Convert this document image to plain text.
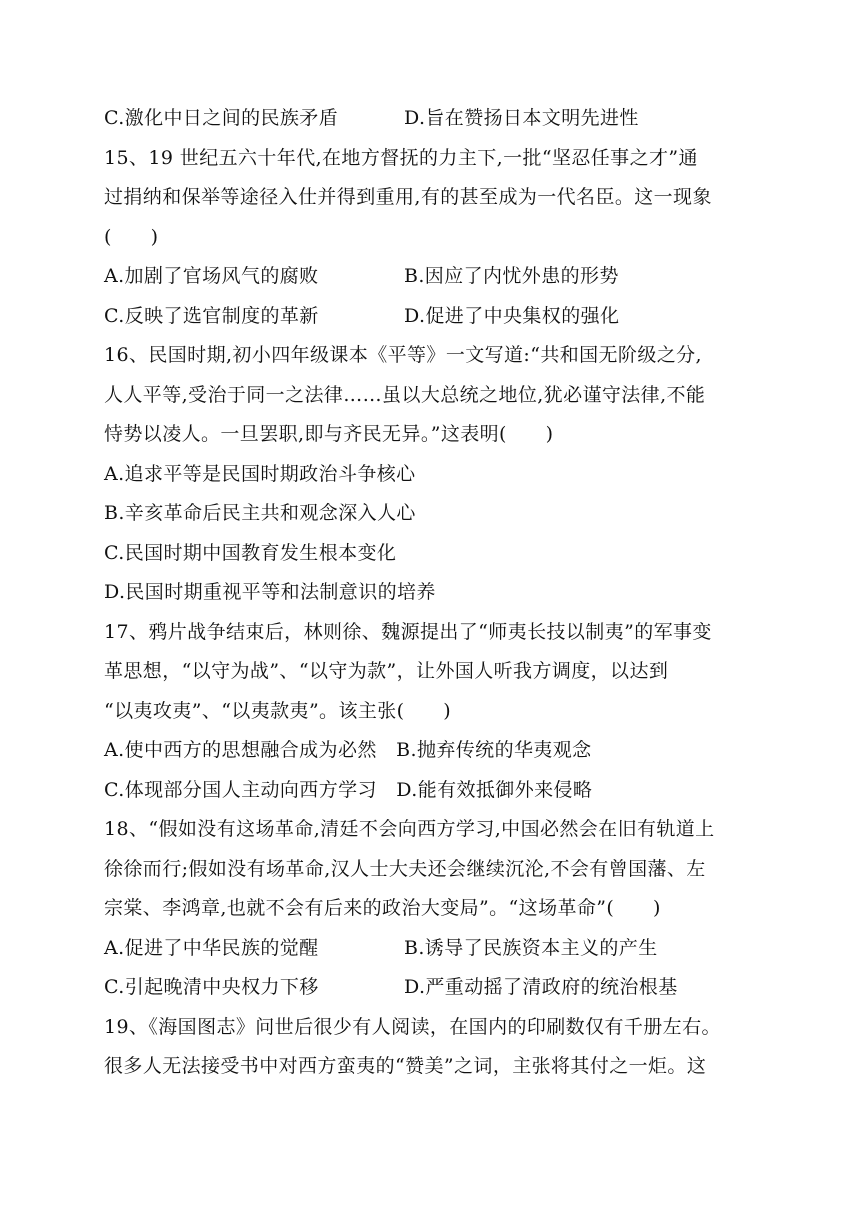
C.激化中日之间的民族矛盾	D.旨在赞扬日本文明先进性
15、19 世纪五六十年代,在地方督抚的力主下,一批“坚忍任事之才”通
过捐纳和保举等途径入仕并得到重用,有的甚至成为一代名臣。这一现象
(　　)
A.加剧了官场风气的腐败	B.因应了内忧外患的形势
C.反映了选官制度的革新	D.促进了中央集权的强化
16、民国时期,初小四年级课本《平等》一文写道:“共和国无阶级之分,
人人平等,受治于同一之法律……虽以大总统之地位,犹必谨守法律,不能
恃势以凌人。一旦罢职,即与齐民无异。”这表明(　　)
A.追求平等是民国时期政治斗争核心
B.辛亥革命后民主共和观念深入人心
C.民国时期中国教育发生根本变化
D.民国时期重视平等和法制意识的培养
17、鸦片战争结束后，林则徐、魏源提出了“师夷长技以制夷”的军事变
革思想，“以守为战”、“以守为款”，让外国人听我方调度，以达到
“以夷攻夷”、“以夷款夷”。该主张(　　)
A.使中西方的思想融合成为必然　B.抛弃传统的华夷观念
C.体现部分国人主动向西方学习　D.能有效抵御外来侵略
18、“假如没有这场革命,清廷不会向西方学习,中国必然会在旧有轨道上
徐徐而行;假如没有场革命,汉人士大夫还会继续沉沦,不会有曾国藩、左
宗棠、李鸿章,也就不会有后来的政治大变局”。“这场革命”(　　)
A.促进了中华民族的觉醒	B.诱导了民族资本主义的产生
C.引起晚清中央权力下移	D.严重动摇了清政府的统治根基
19、《海国图志》问世后很少有人阅读，在国内的印刷数仅有千册左右。
很多人无法接受书中对西方蛮夷的“赞美”之词，主张将其付之一炬。这
